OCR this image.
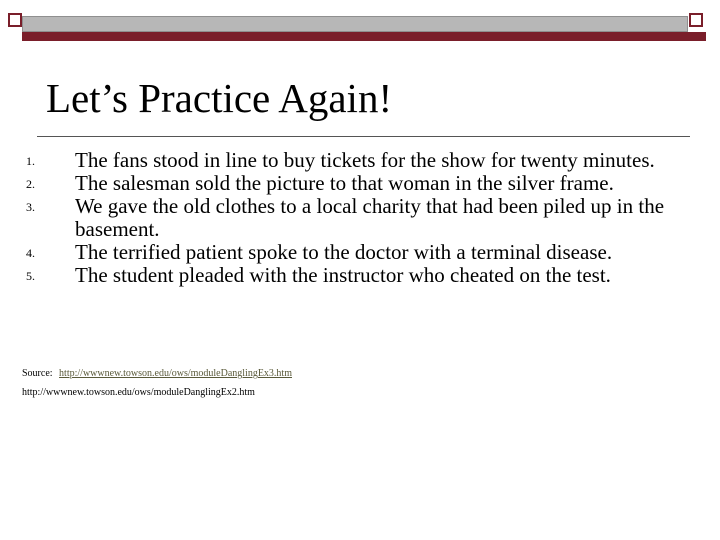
Let’s Practice Again!
1. The fans stood in line to buy tickets for the show for twenty minutes.
2. The salesman sold the picture to that woman in the silver frame.
3. We gave the old clothes to a local charity that had been piled up in the basement.
4. The terrified patient spoke to the doctor with a terminal disease.
5. The student pleaded with the instructor who cheated on the test.
Source: http://wwwnew.towson.edu/ows/moduleDanglingEx3.htm
http://wwwnew.towson.edu/ows/moduleDanglingEx2.htm
